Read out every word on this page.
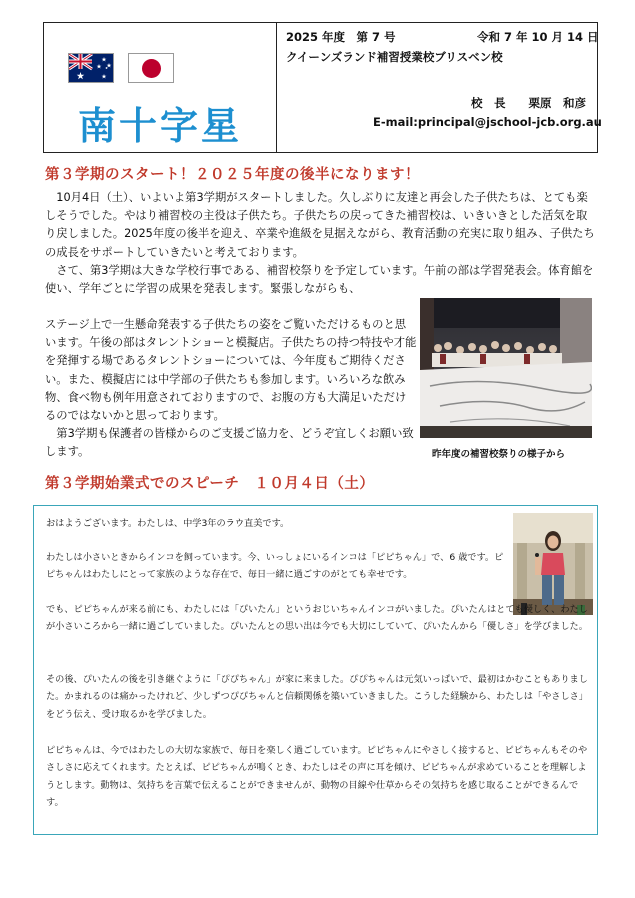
南十字星
2025 年度　第 7 号	令和 7 年 10 月 14 日
クイーンズランド補習授業校ブリスベン校
校　長　　栗原　和彦
E-mail:principal@jschool-jcb.org.au
第３学期のスタート！２０２５年度の後半になります！
　10月4日（土）、いよいよ第3学期がスタートしました。久しぶりに友達と再会した子供たちは、とても楽しそうでした。やはり補習校の主役は子供たち。子供たちの戻ってきた補習校は、いきいきとした活気を取り戻しました。2025年度の後半を迎え、卒業や進級を見据えながら、教育活動の充実に取り組み、子供たちの成長をサポートしていきたいと考えております。
　さて、第3学期は大きな学校行事である、補習校祭りを予定しています。午前の部は学習発表会。体育館を使い、学年ごとに学習の成果を発表します。緊張しながらも、
ステージ上で一生懸命発表する子供たちの姿をご覧いただけるものと思います。午後の部はタレントショーと模擬店。子供たちの持つ特技や才能を発揮する場であるタレントショーについては、今年度もご期待ください。また、模擬店には中学部の子供たちも参加します。いろいろな飲み物、食べ物も例年用意されておりますので、お腹の方も大満足いただけるのではないかと思っております。
　第3学期も保護者の皆様からのご支援ご協力を、どうぞ宜しくお願い致します。	昨年度の補習校祭りの様子から
第３学期始業式でのスピーチ　１０月４日（土）
おはようございます。わたしは、中学3年のラウ直美です。
わたしは小さいときからインコを飼っています。今、いっしょにいるインコは「ピピちゃん」で、6 歳です。ピピちゃんはわたしにとって家族のような存在で、毎日一緒に過ごすのがとても幸せです。
でも、ピピちゃんが来る前にも、わたしには「ぴいたん」というおじいちゃんインコがいました。ぴいたんはとても優しく、わたしが小さいころから一緒に過ごしていました。ぴいたんとの思い出は今でも大切にしていて、ぴいたんから「優しさ」を学びました。
その後、ぴいたんの後を引き継ぐように「ぴぴちゃん」が家に来ました。ぴぴちゃんは元気いっぱいで、最初はかむこともありました。かまれるのは痛かったけれど、少しずつぴぴちゃんと信頼関係を築いていきました。こうした経験から、わたしは「やさしさ」をどう伝え、受け取るかを学びました。
ピピちゃんは、今ではわたしの大切な家族で、毎日を楽しく過ごしています。ピピちゃんにやさしく接すると、ピピちゃんもそのやさしさに応えてくれます。たとえば、ピピちゃんが鳴くとき、わたしはその声に耳を傾け、ピピちゃんが求めていることを理解しようとします。動物は、気持ちを言葉で伝えることができませんが、動物の目線や仕草からその気持ちを感じ取ることができるんです。
